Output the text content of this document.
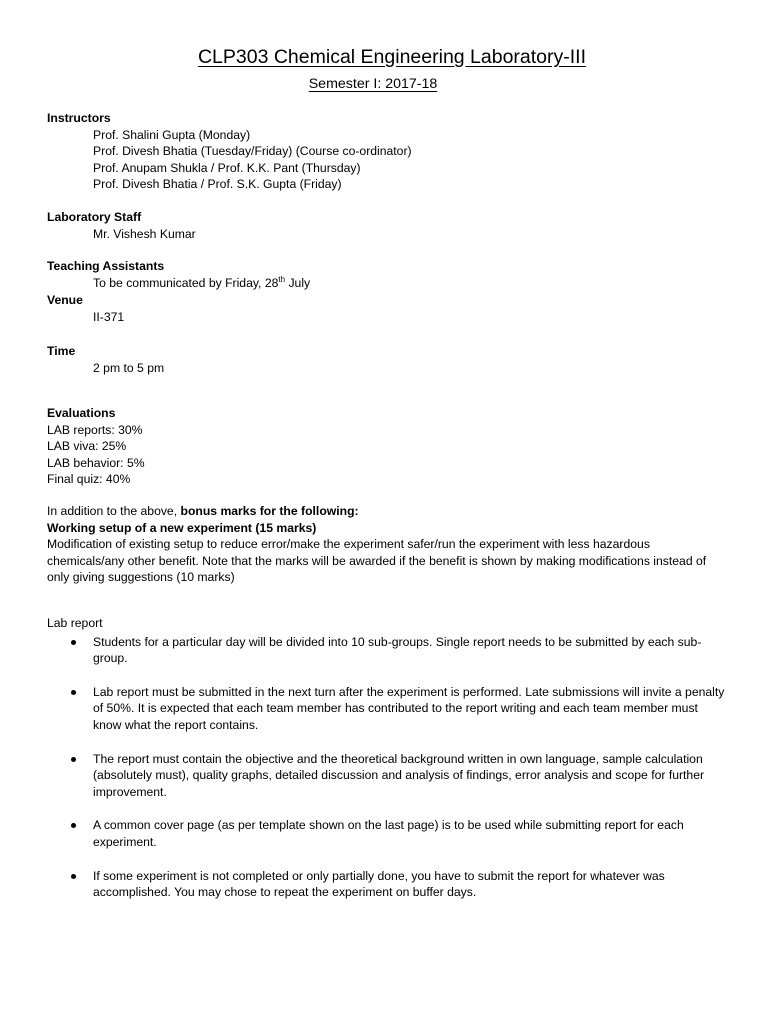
CLP303 Chemical Engineering Laboratory-III
Semester I: 2017-18
Instructors
Prof. Shalini Gupta (Monday)
Prof. Divesh Bhatia (Tuesday/Friday) (Course co-ordinator)
Prof. Anupam Shukla / Prof. K.K. Pant (Thursday)
Prof. Divesh Bhatia / Prof. S.K. Gupta (Friday)
Laboratory Staff
Mr. Vishesh Kumar
Teaching Assistants
To be communicated by Friday, 28th July
Venue
II-371
Time
2 pm to 5 pm
Evaluations
LAB reports: 30%
LAB viva: 25%
LAB behavior: 5%
Final quiz: 40%
In addition to the above, bonus marks for the following:
Working setup of a new experiment (15 marks)
Modification of existing setup to reduce error/make the experiment safer/run the experiment with less hazardous chemicals/any other benefit. Note that the marks will be awarded if the benefit is shown by making modifications instead of only giving suggestions (10 marks)
Lab report
Students for a particular day will be divided into 10 sub-groups. Single report needs to be submitted by each sub-group.
Lab report must be submitted in the next turn after the experiment is performed. Late submissions will invite a penalty of 50%. It is expected that each team member has contributed to the report writing and each team member must know what the report contains.
The report must contain the objective and the theoretical background written in own language, sample calculation (absolutely must), quality graphs, detailed discussion and analysis of findings, error analysis and scope for further improvement.
A common cover page (as per template shown on the last page) is to be used while submitting report for each experiment.
If some experiment is not completed or only partially done, you have to submit the report for whatever was accomplished. You may chose to repeat the experiment on buffer days.
